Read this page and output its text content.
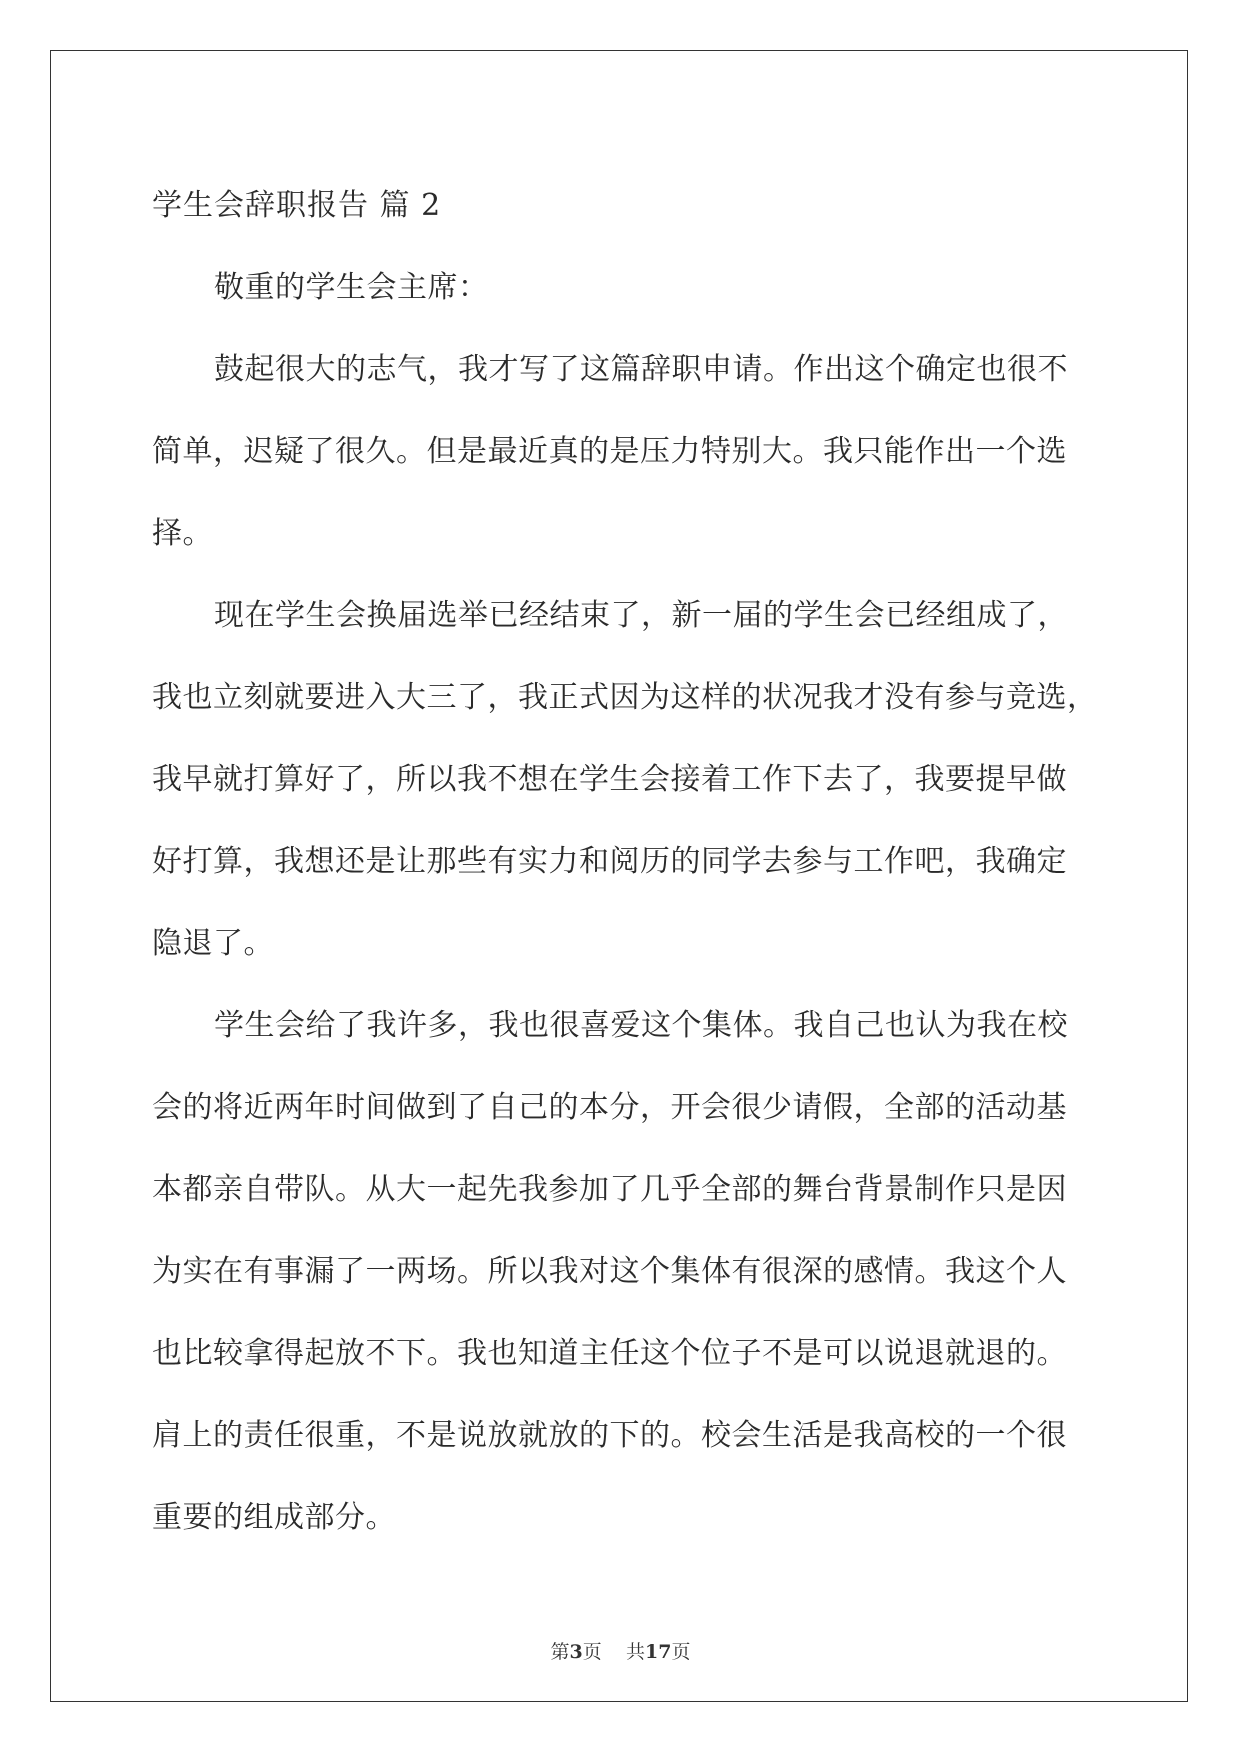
学生会辞职报告 篇 2
敬重的学生会主席：
鼓起很大的志气，我才写了这篇辞职申请。作出这个确定也很不
简单，迟疑了很久。但是最近真的是压力特别大。我只能作出一个选
择。
现在学生会换届选举已经结束了，新一届的学生会已经组成了，
我也立刻就要进入大三了，我正式因为这样的状况我才没有参与竞选，
我早就打算好了，所以我不想在学生会接着工作下去了，我要提早做
好打算，我想还是让那些有实力和阅历的同学去参与工作吧，我确定
隐退了。
学生会给了我许多，我也很喜爱这个集体。我自己也认为我在校
会的将近两年时间做到了自己的本分，开会很少请假，全部的活动基
本都亲自带队。从大一起先我参加了几乎全部的舞台背景制作只是因
为实在有事漏了一两场。所以我对这个集体有很深的感情。我这个人
也比较拿得起放不下。我也知道主任这个位子不是可以说退就退的。
肩上的责任很重，不是说放就放的下的。校会生活是我高校的一个很
重要的组成部分。
第3页 共17页
